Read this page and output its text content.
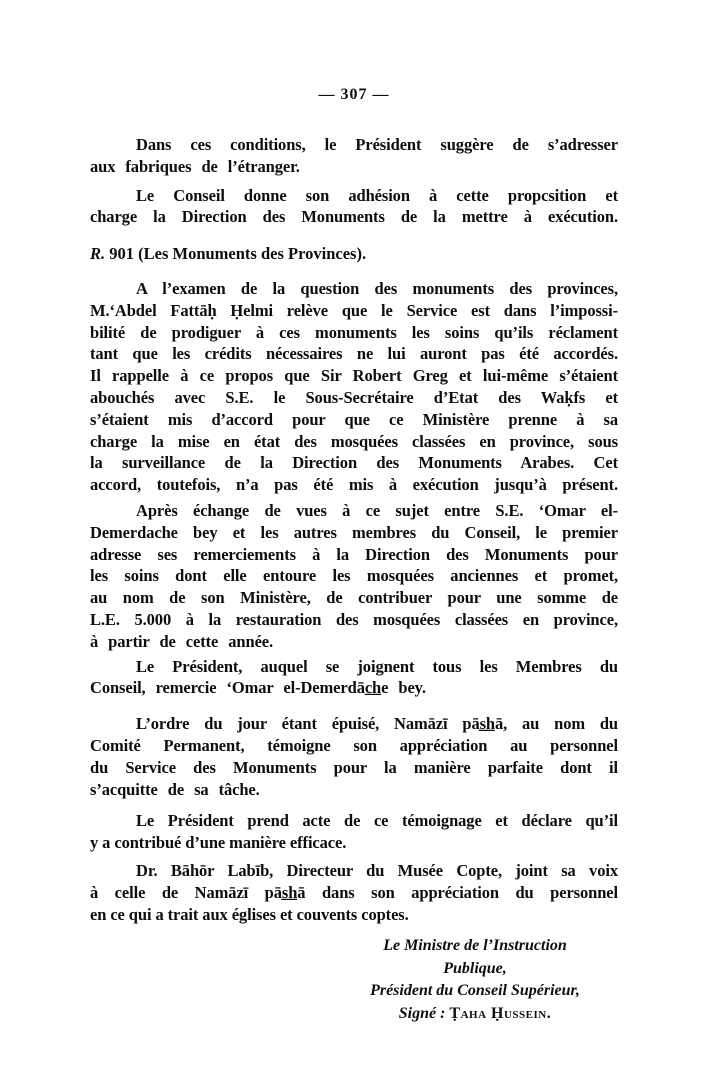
— 307 —
Dans ces conditions, le Président suggère de s’adresser
aux fabriques de l’étranger.
Le Conseil donne son adhésion à cette propcsition et
charge la Direction des Monuments de la mettre à exécution.
R. 901 (Les Monuments des Provinces).
A l’examen de la question des monuments des provinces,
M.‘Abdel Fattāḥ Ḥelmi relève que le Service est dans l’impossi-
bilité de prodiguer à ces monuments les soins qu’ils réclament
tant que les crédits nécessaires ne lui auront pas été accordés.
Il rappelle à ce propos que Sir Robert Greg et lui-même s’étaient
abouchés avec S.E. le Sous-Secrétaire d’Etat des Waḳfs et
s’étaient mis d’accord pour que ce Ministère prenne à sa
charge la mise en état des mosquées classées en province, sous
la surveillance de la Direction des Monuments Arabes. Cet
accord, toutefois, n’a pas été mis à exécution jusqu’à présent.
Après échange de vues à ce sujet entre S.E. ‘Omar el-
Demerdache bey et les autres membres du Conseil, le premier
adresse ses remerciements à la Direction des Monuments pour
les soins dont elle entoure les mosquées anciennes et promet,
au nom de son Ministère, de contribuer pour une somme de
L.E. 5.000 à la restauration des mosquées classées en province,
à partir de cette année.
Le Président, auquel se joignent tous les Membres du
Conseil, remercie ‘Omar el-Demerdāc̲h̲e bey.
L’ordre du jour étant épuisé, Namāzī pās̲h̲ā, au nom du
Comité Permanent, témoigne son appréciation au personnel
du Service des Monuments pour la manière parfaite dont il
s’acquitte de sa tâche.
Le Président prend acte de ce témoignage et déclare qu’il
y a contribué d’une manière efficace.
Dr. Bāhōr Labīb, Directeur du Musée Copte, joint sa voix
à celle de Namāzī pās̲h̲ā dans son appréciation du personnel
en ce qui a trait aux églises et couvents coptes.
Le Ministre de l’Instruction
Publique,
Président du Conseil Supérieur,
Signé : Ṭaha Ḥussein.
